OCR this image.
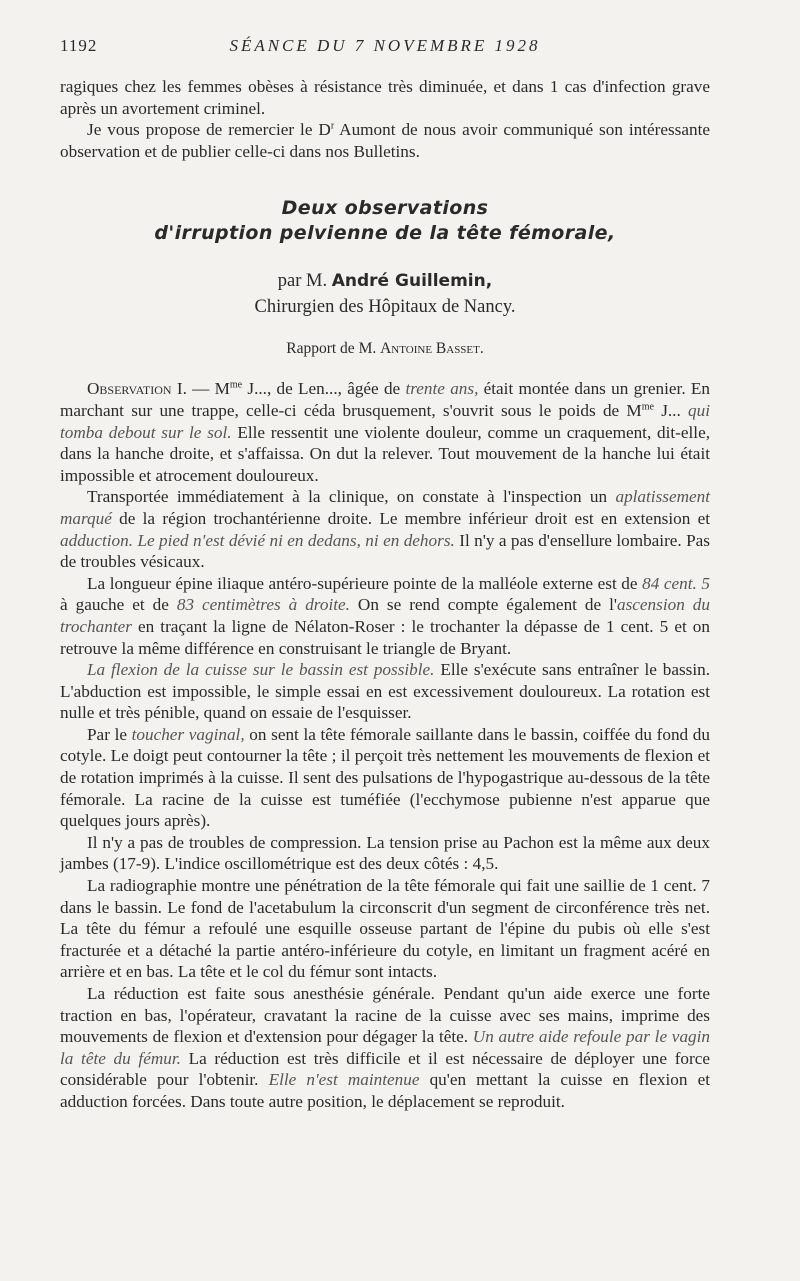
SÉANCE DU 7 NOVEMBRE 1928
1192

ragiques chez les femmes obèses à résistance très diminuée, et dans 1 cas d'infection grave après un avortement criminel.

Je vous propose de remercier le $D^r$ Aumont de nous avoir communiqué son intéressante observation et de publier celle-ci dans nos Bulletins.

Deux observations
d'irruption pelvienne de la tête fémorale,
par M. André Guillemin,
Chirurgien des Hôpitaux de Nancy.
Rapport de M. Antoine Basset.

Observation I. — $M^{me}$ J..., de Len..., âgée de trente ans, était montée dans un grenier. En marchant sur une trappe, celle-ci céda brusquement, s'ouvrit sous le poids de $M^{me}$ J... qui tomba debout sur le sol. Elle ressentit une violente douleur, comme un craquement, dit-elle, dans la hanche droite, et s'affaissa. On dut la relever. Tout mouvement de la hanche lui était impossible et atrocement douloureux.

Transportée immédiatement à la clinique, on constate à l'inspection un aplatissement marqué de la région trochantérienne droite. Le membre inférieur droit est en extension et adduction. Le pied n'est dévié ni en dedans, ni en dehors. Il n'y a pas d'ensellure lombaire. Pas de troubles vésicaux.

La longueur épine iliaque antéro-supérieure pointe de la malléole externe est de 84 cent. 5 à gauche et de 83 centimètres à droite. On se rend compte également de l'ascension du trochanter en traçant la ligne de Nélaton-Roser : le trochanter la dépasse de 1 cent. 5 et on retrouve la même différence en construisant le triangle de Bryant.

La flexion de la cuisse sur le bassin est possible. Elle s'exécute sans entraîner le bassin. L'abduction est impossible, le simple essai en est excessivement douloureux. La rotation est nulle et très pénible, quand on essaie de l'esquisser.

Par le toucher vaginal, on sent la tête fémorale saillante dans le bassin, coiffée du fond du cotyle. Le doigt peut contourner la tête ; il perçoit très nettement les mouvements de flexion et de rotation imprimés à la cuisse. Il sent des pulsations de l'hypogastrique au-dessous de la tête fémorale. La racine de la cuisse est tuméfiée (l'ecchymose pubienne n'est apparue que quelques jours après).

Il n'y a pas de troubles de compression. La tension prise au Pachon est la même aux deux jambes (17-9). L'indice oscillométrique est des deux côtés : 4,5.

La radiographie montre une pénétration de la tête fémorale qui fait une saillie de 1 cent. 7 dans le bassin. Le fond de l'acetabulum la circonscrit d'un segment de circonférence très net. La tête du fémur a refoulé une esquille osseuse partant de l'épine du pubis où elle s'est fracturée et a détaché la partie antéro-inférieure du cotyle, en limitant un fragment acéré en arrière et en bas. La tête et le col du fémur sont intacts.

La réduction est faite sous anesthésie générale. Pendant qu'un aide exerce une forte traction en bas, l'opérateur, cravatant la racine de la cuisse avec ses mains, imprime des mouvements de flexion et d'extension pour dégager la tête. Un autre aide refoule par le vagin la tête du fémur. La réduction est très difficile et il est nécessaire de déployer une force considérable pour l'obtenir. Elle n'est maintenue qu'en mettant la cuisse en flexion et adduction forcées. Dans toute autre position, le déplacement se reproduit.
